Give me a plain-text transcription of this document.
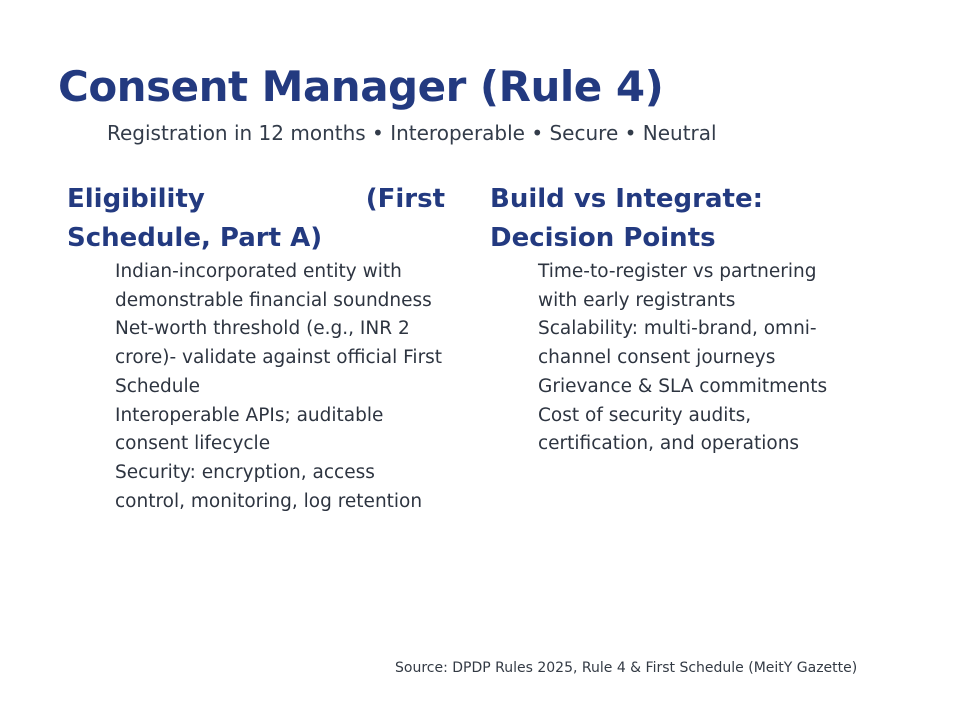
Consent Manager (Rule 4)

Registration in 12 months • Interoperable • Secure • Neutral

Eligibility (First Schedule, Part A)
Indian-incorporated entity with demonstrable financial soundness
Net-worth threshold (e.g., INR 2 crore)- validate against official First Schedule
Interoperable APIs; auditable consent lifecycle
Security: encryption, access control, monitoring, log retention
Build vs Integrate: Decision Points
Time-to-register vs partnering with early registrants
Scalability: multi-brand, omni-channel consent journeys
Grievance & SLA commitments
Cost of security audits, certification, and operations

Source: DPDP Rules 2025, Rule 4 & First Schedule (MeitY Gazette)
